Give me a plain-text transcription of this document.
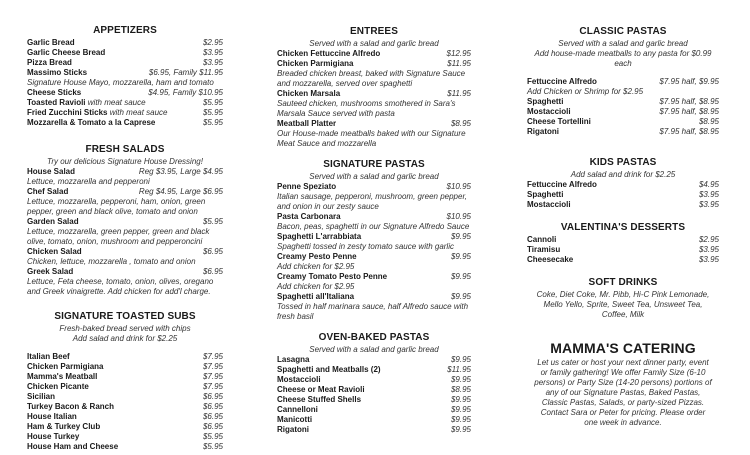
APPETIZERS
Garlic Bread	$2.95
Garlic Cheese Bread	$3.95
Pizza Bread	$3.95
Massimo Sticks	$6.95, Family $11.95
Signature House Mayo, mozzarella, ham and tomato
Cheese Sticks	$4.95, Family $10.95
Toasted Ravioli with meat sauce	$5.95
Fried Zucchini Sticks with meat sauce	$5.95
Mozzarella & Tomato a la Caprese	$5.95
FRESH SALADS
Try our delicious Signature House Dressing!
House Salad	Reg $3.95, Large $4.95
Lettuce, mozzarella and pepperoni
Chef Salad	Reg $4.95, Large $6.95
Lettuce, mozzarella, pepperoni, ham, onion, green pepper, green and black olive, tomato and onion
Garden Salad	$5.95
Lettuce, mozzarella, green pepper, green and black olive, tomato, onion, mushroom and pepperoncini
Chicken Salad	$6.95
Chicken, lettuce, mozzarella , tomato and onion
Greek Salad	$6.95
Lettuce, Feta cheese, tomato, onion, olives, oregano and Greek vinaigrette. Add chicken for add'l charge.
SIGNATURE TOASTED SUBS
Fresh-baked bread served with chips
Add salad and drink for $2.25
Italian Beef	$7.95
Chicken Parmigiana	$7.95
Mamma's Meatball	$7.95
Chicken Picante	$7.95
Sicilian	$6.95
Turkey Bacon & Ranch	$6.95
House Italian	$6.95
Ham & Turkey Club	$6.95
House Turkey	$5.95
House Ham and Cheese	$5.95
ENTREES
Served with a salad and garlic bread
Chicken Fettuccine Alfredo	$12.95
Chicken Parmigiana	$11.95
Breaded chicken breast, baked with Signature Sauce and mozzarella, served over spaghetti
Chicken Marsala	$11.95
Sauteed chicken, mushrooms smothered in Sara's Marsala Sauce served with pasta
Meatball Platter	$8.95
Our House-made meatballs baked with our Signature Meat Sauce and mozzarella
SIGNATURE PASTAS
Served with a salad and garlic bread
Penne Speziato	$10.95
Italian sausage, pepperoni, mushroom, green pepper, and onion in our zesty sauce
Pasta Carbonara	$10.95
Bacon, peas, spaghetti in our Signature Alfredo Sauce
Spaghetti L'arrabbiata	$9.95
Spaghetti tossed in zesty tomato sauce with garlic
Creamy Pesto Penne	$9.95
Add chicken for $2.95
Creamy Tomato Pesto Penne	$9.95
Add chicken for $2.95
Spaghetti all'Italiana	$9.95
Tossed in half marinara sauce, half Alfredo sauce with fresh basil
OVEN-BAKED PASTAS
Served with a salad and garlic bread
Lasagna	$9.95
Spaghetti and Meatballs (2)	$11.95
Mostaccioli	$9.95
Cheese or Meat Ravioli	$8.95
Cheese Stuffed Shells	$9.95
Cannelloni	$9.95
Manicotti	$9.95
Rigatoni	$9.95
CLASSIC PASTAS
Served with a salad and garlic bread
Add house-made meatballs to any pasta for $0.99 each
Fettuccine Alfredo	$7.95 half, $9.95
Add Chicken or Shrimp for $2.95
Spaghetti	$7.95 half, $8.95
Mostaccioli	$7.95 half, $8.95
Cheese Tortellini	$8.95
Rigatoni	$7.95 half, $8.95
KIDS PASTAS
Add salad and drink for $2.25
Fettuccine Alfredo	$4.95
Spaghetti	$3.95
Mostaccioli	$3.95
VALENTINA'S DESSERTS
Cannoli	$2.95
Tiramisu	$3.95
Cheesecake	$3.95
SOFT DRINKS
Coke, Diet Coke, Mr. Pibb, Hi-C Pink Lemonade, Mello Yello, Sprite, Sweet Tea, Unsweet Tea, Coffee, Milk
MAMMA'S CATERING
Let us cater or host your next dinner party, event or family gathering! We offer Family Size (6-10 persons) or Party Size (14-20 persons) portions of any of our Signature Pastas, Baked Pastas, Classic Pastas, Salads, or party-sized Pizzas. Contact Sara or Peter for pricing. Please order one week in advance.
